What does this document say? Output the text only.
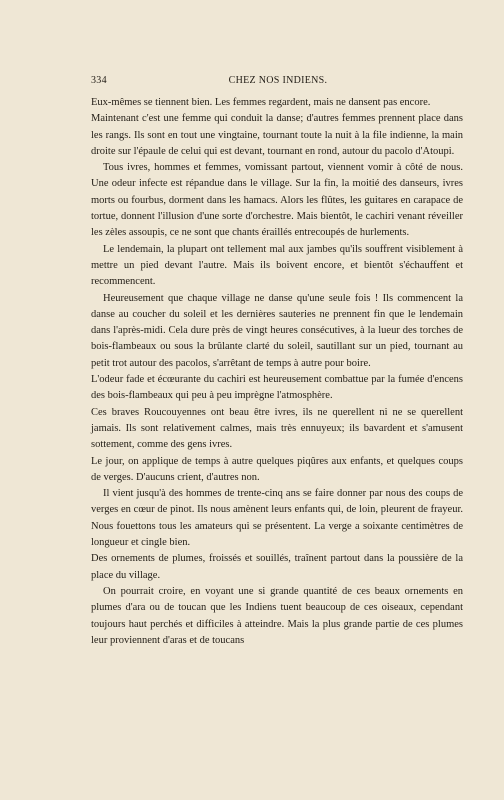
334	CHEZ NOS INDIENS.

Eux-mêmes se tiennent bien. Les femmes regardent, mais ne dansent pas encore.

Maintenant c'est une femme qui conduit la danse; d'autres femmes prennent place dans les rangs. Ils sont en tout une vingtaine, tournant toute la nuit à la file indienne, la main droite sur l'épaule de celui qui est devant, tournant en rond, autour du pacolo d'Atoupi.

Tous ivres, hommes et femmes, vomissant partout, viennent vomir à côté de nous. Une odeur infecte est répandue dans le village. Sur la fin, la moitié des danseurs, ivres morts ou fourbus, dorment dans les hamacs. Alors les flûtes, les guitares en carapace de tortue, donnent l'illusion d'une sorte d'orchestre. Mais bientôt, le cachiri venant réveiller les zèles assoupis, ce ne sont que chants éraillés entrecoupés de hurlements.

Le lendemain, la plupart ont tellement mal aux jambes qu'ils souffrent visiblement à mettre un pied devant l'autre. Mais ils boivent encore, et bientôt s'échauffent et recommencent.

Heureusement que chaque village ne danse qu'une seule fois ! Ils commencent la danse au coucher du soleil et les dernières sauteries ne prennent fin que le lendemain dans l'après-midi. Cela dure près de vingt heures consécutives, à la lueur des torches de bois-flambeaux ou sous la brûlante clarté du soleil, sautillant sur un pied, tournant au petit trot autour des pacolos, s'arrêtant de temps à autre pour boire.

L'odeur fade et écœurante du cachiri est heureusement combattue par la fumée d'encens des bois-flambeaux qui peu à peu imprègne l'atmosphère.

Ces braves Roucouyennes ont beau être ivres, ils ne querellent ni ne se querellent jamais. Ils sont relativement calmes, mais très ennuyeux; ils bavardent et s'amusent sottement, comme des gens ivres.

Le jour, on applique de temps à autre quelques piqûres aux enfants, et quelques coups de verges. D'aucuns crient, d'autres non.

Il vient jusqu'à des hommes de trente-cinq ans se faire donner par nous des coups de verges en cœur de pinot. Ils nous amènent leurs enfants qui, de loin, pleurent de frayeur. Nous fouettons tous les amateurs qui se présentent. La verge a soixante centimètres de longueur et cingle bien.

Des ornements de plumes, froissés et souillés, traînent partout dans la poussière de la place du village.

On pourrait croire, en voyant une si grande quantité de ces beaux ornements en plumes d'ara ou de toucan que les Indiens tuent beaucoup de ces oiseaux, cependant toujours haut perchés et difficiles à atteindre. Mais la plus grande partie de ces plumes leur proviennent d'aras et de toucans
